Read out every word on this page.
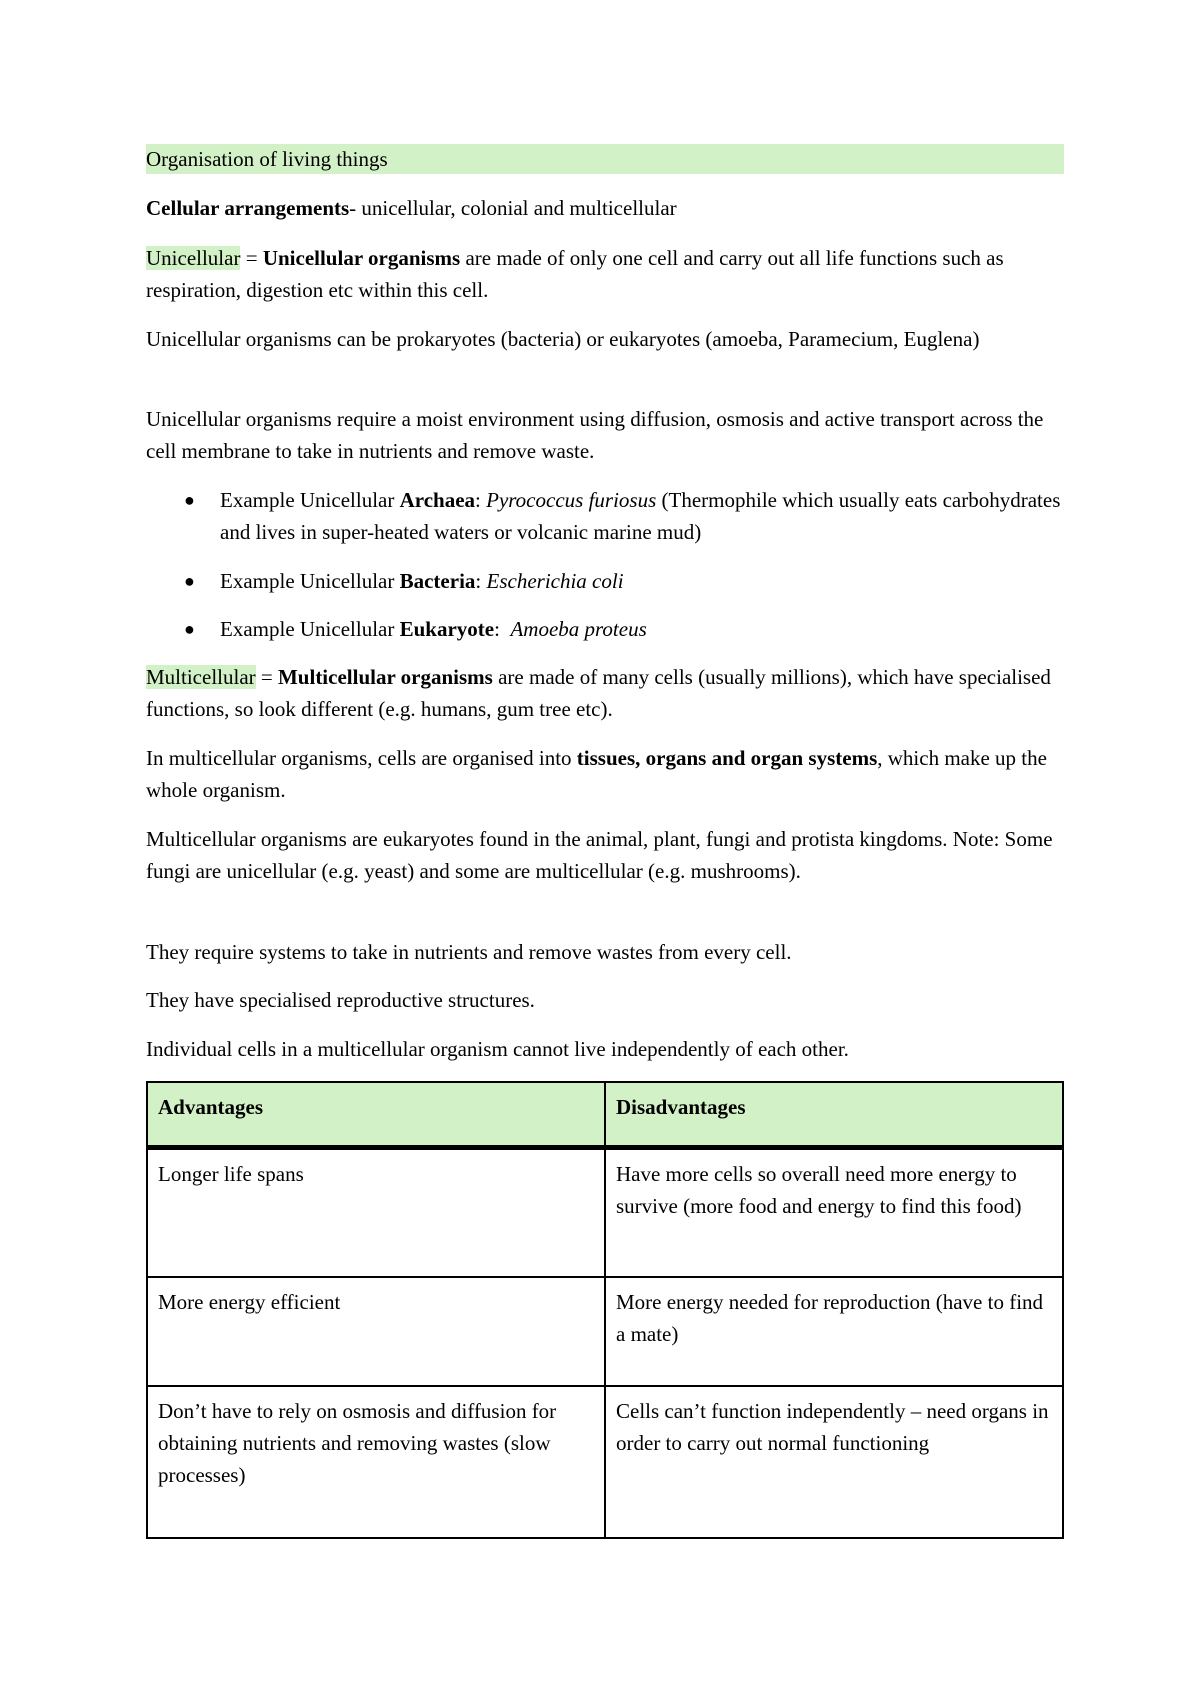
Organisation of living things
Cellular arrangements- unicellular, colonial and multicellular
Unicellular = Unicellular organisms are made of only one cell and carry out all life functions such as respiration, digestion etc within this cell.
Unicellular organisms can be prokaryotes (bacteria) or eukaryotes (amoeba, Paramecium, Euglena)
Unicellular organisms require a moist environment using diffusion, osmosis and active transport across the cell membrane to take in nutrients and remove waste.
● Example Unicellular Archaea: Pyrococcus furiosus (Thermophile which usually eats carbohydrates and lives in super-heated waters or volcanic marine mud)
● Example Unicellular Bacteria: Escherichia coli
● Example Unicellular Eukaryote:  Amoeba proteus
Multicellular = Multicellular organisms are made of many cells (usually millions), which have specialised functions, so look different (e.g. humans, gum tree etc).
In multicellular organisms, cells are organised into tissues, organs and organ systems, which make up the whole organism.
Multicellular organisms are eukaryotes found in the animal, plant, fungi and protista kingdoms. Note: Some fungi are unicellular (e.g. yeast) and some are multicellular (e.g. mushrooms).
They require systems to take in nutrients and remove wastes from every cell.
They have specialised reproductive structures.
Individual cells in a multicellular organism cannot live independently of each other.
Advantages	Disadvantages
Longer life spans	Have more cells so overall need more energy to survive (more food and energy to find this food)
More energy efficient	More energy needed for reproduction (have to find a mate)
Don’t have to rely on osmosis and diffusion for obtaining nutrients and removing wastes (slow processes)	Cells can’t function independently – need organs in order to carry out normal functioning
